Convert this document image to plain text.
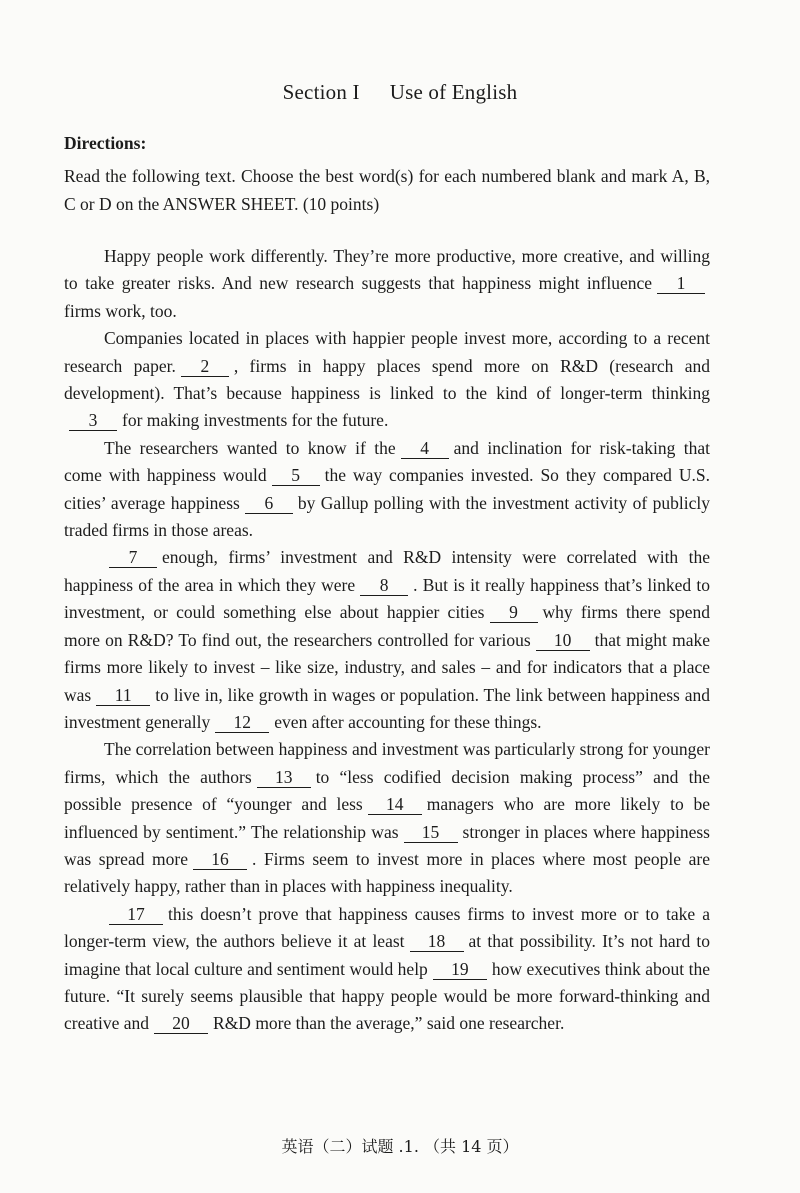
Section I Use of English
Directions:
Read the following text. Choose the best word(s) for each numbered blank and mark A, B, C or D on the ANSWER SHEET. (10 points)

Happy people work differently. They’re more productive, more creative, and willing to take greater risks. And new research suggests that happiness might influence 1firms work, too.

Companies located in places with happier people invest more, according to a recent research paper. 2 , firms in happy places spend more on R&D (research and development). That’s because happiness is linked to the kind of longer-term thinking3 for making investments for the future.

The researchers wanted to know if the 4 and inclination for risk-taking that come with happiness would 5 the way companies invested. So they compared U.S. cities’ average happiness 6 by Gallup polling with the investment activity of publicly traded firms in those areas.

7 enough, firms’ investment and R&D intensity were correlated with the happiness of the area in which they were 8 . But is it really happiness that’s linked to investment, or could something else about happier cities 9 why firms there spend more on R&D? To find out, the researchers controlled for various 10 that might make firms more likely to invest – like size, industry, and sales – and for indicators that a place was 11 to live in, like growth in wages or population. The link between happiness and investment generally 12 even after accounting for these things.

The correlation between happiness and investment was particularly strong for younger firms, which the authors 13 to “less codified decision making process” and the possible presence of “younger and less 14 managers who are more likely to be influenced by sentiment.” The relationship was 15 stronger in places where happiness was spread more 16 . Firms seem to invest more in places where most people are relatively happy, rather than in places with happiness inequality.

17 this doesn’t prove that happiness causes firms to invest more or to take a longer-term view, the authors believe it at least 18 at that possibility. It’s not hard to imagine that local culture and sentiment would help 19 how executives think about the future. “It surely seems plausible that happy people would be more forward-thinking and creative and 20 R&D more than the average,” said one researcher.

英语（二）试题 .1. （共 14 页）
